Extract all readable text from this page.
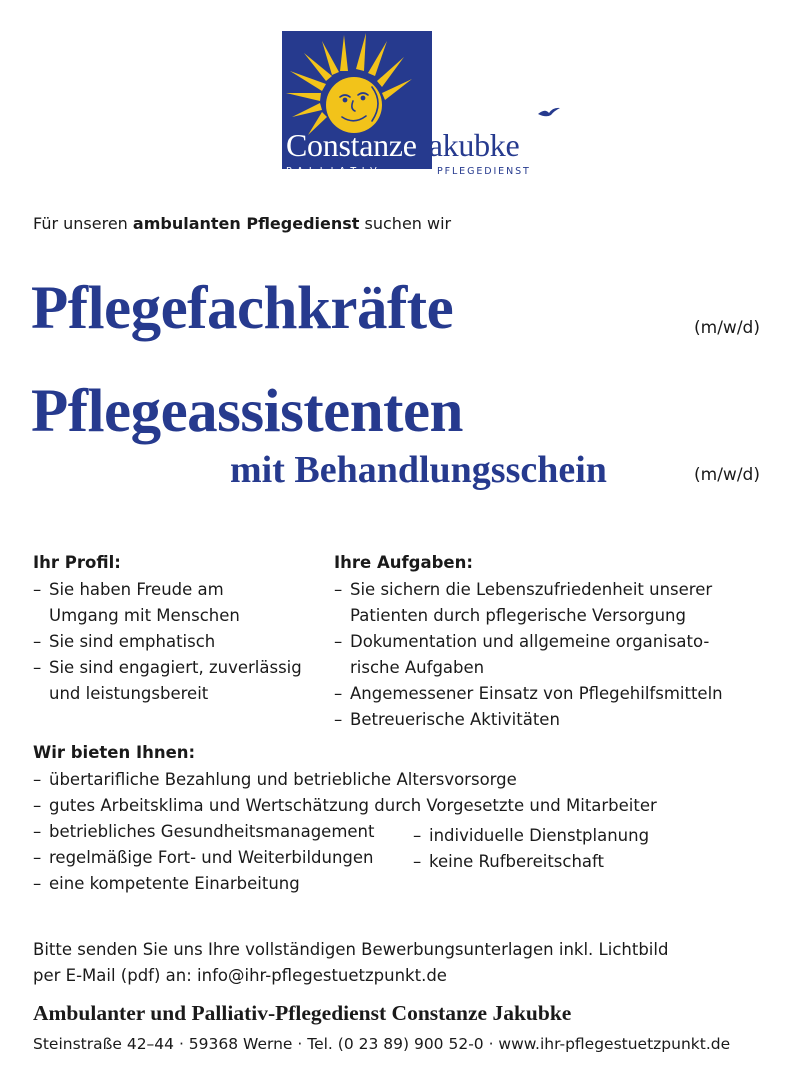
ConstanzeJakubke
PALLIATIV	PFLEGEDIENST
Für unseren ambulanten Pflegedienst suchen wir
Pflegefachkräfte	(m/w/d)
Pflegeassistenten
mit Behandlungsschein	(m/w/d)
Ihr Profil:
– Sie haben Freude am
Umgang mit Menschen
– Sie sind emphatisch
– Sie sind engagiert, zuverlässig
und leistungsbereit
Ihre Aufgaben:
– Sie sichern die Lebenszufriedenheit unserer
Patienten durch pflegerische Versorgung
– Dokumentation und allgemeine organisato-
rische Aufgaben
– Angemessener Einsatz von Pflegehilfsmitteln
– Betreuerische Aktivitäten
Wir bieten Ihnen:
– übertarifliche Bezahlung und betriebliche Altersvorsorge
– gutes Arbeitsklima und Wertschätzung durch Vorgesetzte und Mitarbeiter
– betriebliches Gesundheitsmanagement
– regelmäßige Fort- und Weiterbildungen
– eine kompetente Einarbeitung
– individuelle Dienstplanung
– keine Rufbereitschaft
Bitte senden Sie uns Ihre vollständigen Bewerbungsunterlagen inkl. Lichtbild
per E-Mail (pdf) an: info@ihr-pflegestuetzpunkt.de
Ambulanter und Palliativ-Pflegedienst Constanze Jakubke
Steinstraße 42–44 · 59368 Werne · Tel. (0 23 89) 900 52-0 · www.ihr-pflegestuetzpunkt.de
